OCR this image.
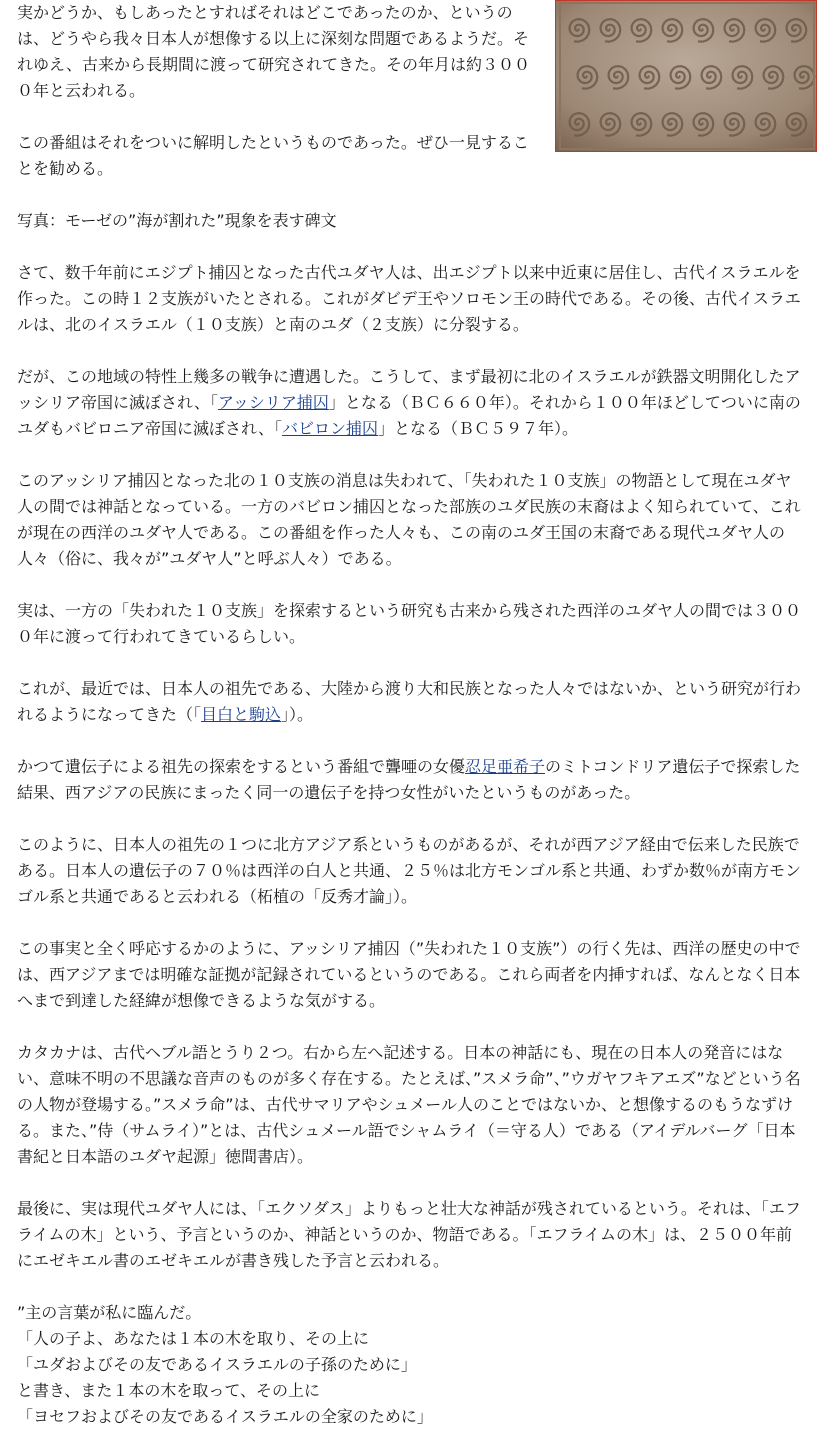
実かどうか、もしあったとすればそれはどこであったのか、というのは、どうやら我々日本人が想像する以上に深刻な問題であるようだ。それゆえ、古来から長期間に渡って研究されてきた。その年月は約３０００年と云われる。

この番組はそれをついに解明したというものであった。ぜひ一見することを勧める。

写真：モーゼの”海が割れた”現象を表す碑文

さて、数千年前にエジプト捕囚となった古代ユダヤ人は、出エジプト以来中近東に居住し、古代イスラエルを作った。この時１２支族がいたとされる。これがダビデ王やソロモン王の時代である。その後、古代イスラエルは、北のイスラエル（１０支族）と南のユダ（２支族）に分裂する。

だが、この地域の特性上幾多の戦争に遭遇した。こうして、まず最初に北のイスラエルが鉄器文明開化したアッシリア帝国に滅ぼされ、「アッシリア捕囚」となる（ＢＣ６６０年）。それから１００年ほどしてついに南のユダもバビロニア帝国に滅ぼされ、「バビロン捕囚」となる（ＢＣ５９７年）。

このアッシリア捕囚となった北の１０支族の消息は失われて、「失われた１０支族」の物語として現在ユダヤ人の間では神話となっている。一方のバビロン捕囚となった部族のユダ民族の末裔はよく知られていて、これが現在の西洋のユダヤ人である。この番組を作った人々も、この南のユダ王国の末裔である現代ユダヤ人の人々（俗に、我々が”ユダヤ人”と呼ぶ人々）である。

実は、一方の「失われた１０支族」を探索するという研究も古来から残された西洋のユダヤ人の間では３０００年に渡って行われてきているらしい。

これが、最近では、日本人の祖先である、大陸から渡り大和民族となった人々ではないか、という研究が行われるようになってきた（「目白と駒込」）。

かつて遺伝子による祖先の探索をするという番組で聾唖の女優忍足亜希子のミトコンドリア遺伝子で探索した結果、西アジアの民族にまったく同一の遺伝子を持つ女性がいたというものがあった。

このように、日本人の祖先の１つに北方アジア系というものがあるが、それが西アジア経由で伝来した民族である。日本人の遺伝子の７０％は西洋の白人と共通、２５％は北方モンゴル系と共通、わずか数％が南方モンゴル系と共通であると云われる（柘植の「反秀才論」）。

この事実と全く呼応するかのように、アッシリア捕囚（”失われた１０支族”）の行く先は、西洋の歴史の中では、西アジアまでは明確な証拠が記録されているというのである。これら両者を内挿すれば、なんとなく日本へまで到達した経緯が想像できるような気がする。

カタカナは、古代ヘブル語とうり２つ。右から左へ記述する。日本の神話にも、現在の日本人の発音にはない、意味不明の不思議な音声のものが多く存在する。たとえば、”スメラ命”、”ウガヤフキアエズ”などという名の人物が登場する。”スメラ命”は、古代サマリアやシュメール人のことではないか、と想像するのもうなずける。また、”侍（サムライ）”とは、古代シュメール語でシャムライ（＝守る人）である（アイデルバーグ「日本書紀と日本語のユダヤ起源」徳間書店）。

最後に、実は現代ユダヤ人には、「エクソダス」よりもっと壮大な神話が残されているという。それは、「エフライムの木」という、予言というのか、神話というのか、物語である。「エフライムの木」は、２５００年前にエゼキエル書のエゼキエルが書き残した予言と云われる。

”主の言葉が私に臨んだ。

「人の子よ、あなたは１本の木を取り、その上に

「ユダおよびその友であるイスラエルの子孫のために」

と書き、また１本の木を取って、その上に

「ヨセフおよびその友であるイスラエルの全家のために」
